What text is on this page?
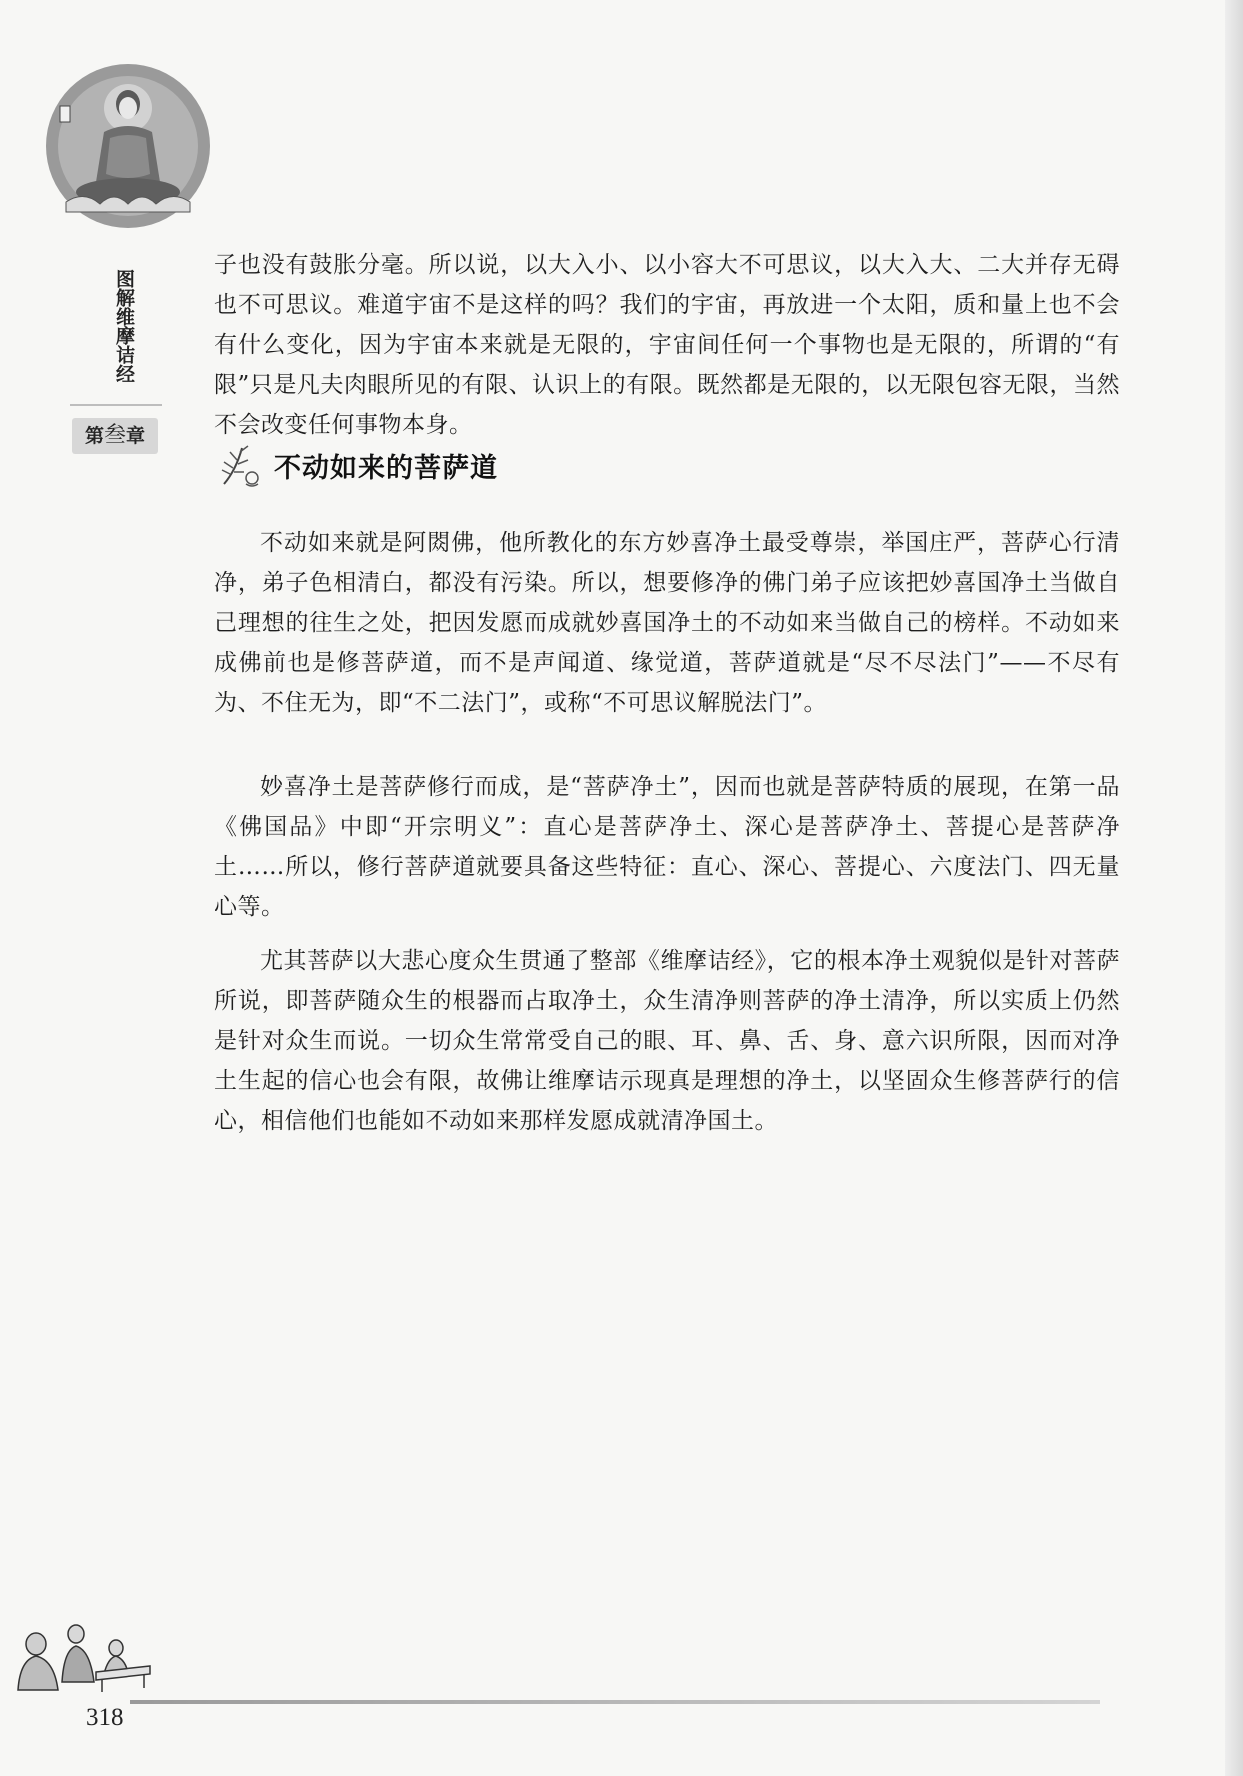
图解维摩诘经
第叁章

子也没有鼓胀分毫。所以说，以大入小、以小容大不可思议，以大入大、二大并存无碍也不可思议。难道宇宙不是这样的吗？我们的宇宙，再放进一个太阳，质和量上也不会有什么变化，因为宇宙本来就是无限的，宇宙间任何一个事物也是无限的，所谓的“有限”只是凡夫肉眼所见的有限、认识上的有限。既然都是无限的，以无限包容无限，当然不会改变任何事物本身。

不动如来的菩萨道

不动如来就是阿閦佛，他所教化的东方妙喜净土最受尊崇，举国庄严，菩萨心行清净，弟子色相清白，都没有污染。所以，想要修净的佛门弟子应该把妙喜国净土当做自己理想的往生之处，把因发愿而成就妙喜国净土的不动如来当做自己的榜样。不动如来成佛前也是修菩萨道，而不是声闻道、缘觉道，菩萨道就是“尽不尽法门”——不尽有为、不住无为，即“不二法门”，或称“不可思议解脱法门”。

妙喜净土是菩萨修行而成，是“菩萨净土”，因而也就是菩萨特质的展现，在第一品《佛国品》中即“开宗明义”：直心是菩萨净土、深心是菩萨净土、菩提心是菩萨净土……所以，修行菩萨道就要具备这些特征：直心、深心、菩提心、六度法门、四无量心等。

尤其菩萨以大悲心度众生贯通了整部《维摩诘经》，它的根本净土观貌似是针对菩萨所说，即菩萨随众生的根器而占取净土，众生清净则菩萨的净土清净，所以实质上仍然是针对众生而说。一切众生常常受自己的眼、耳、鼻、舌、身、意六识所限，因而对净土生起的信心也会有限，故佛让维摩诘示现真是理想的净土，以坚固众生修菩萨行的信心，相信他们也能如不动如来那样发愿成就清净国土。

318
